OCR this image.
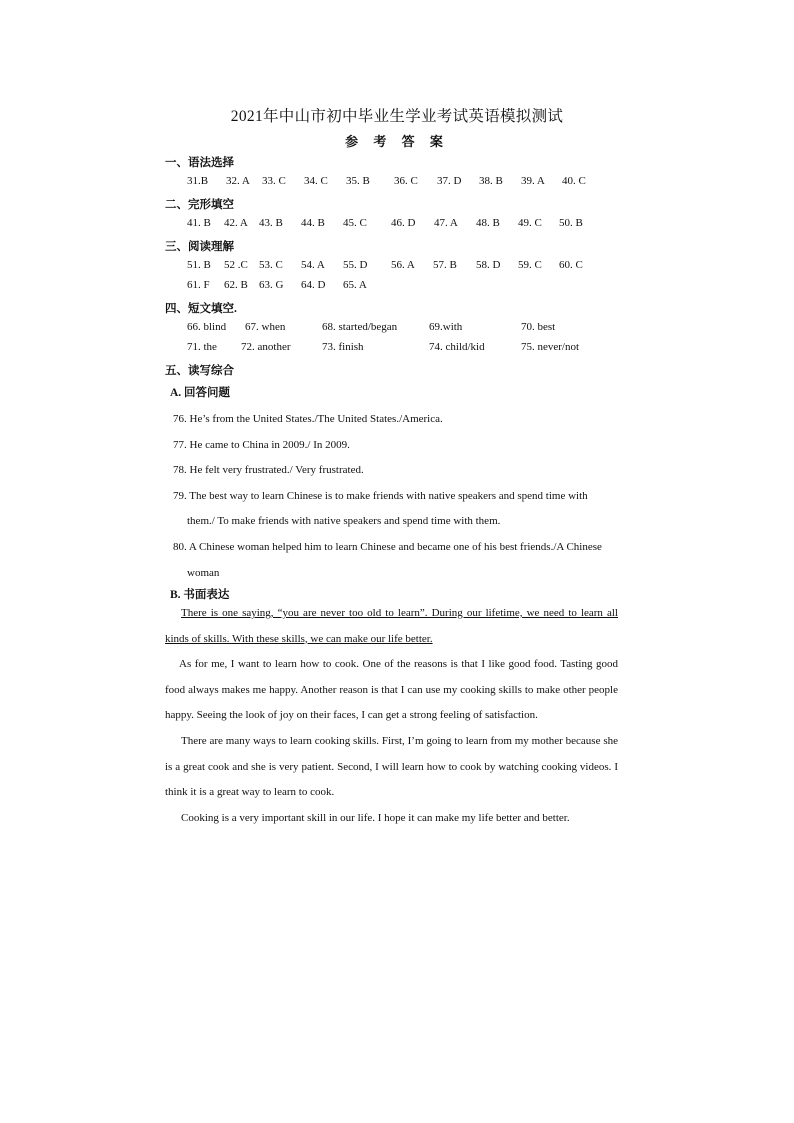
2021年中山市初中毕业生学业考试英语模拟测试
参 考 答 案
一、语法选择
31.B 32. A 33. C 34. C 35. B 36. C 37. D 38. B 39. A 40. C
二、完形填空
41. B 42. A 43. B 44. B 45. C 46. D 47. A 48. B 49. C 50. B
三、阅读理解
51. B 52 .C 53. C 54. A 55. D 56. A 57. B 58. D 59. C 60. C
61. F 62. B 63. G 64. D 65. A
四、短文填空.
66. blind 67. when	68. started/began	69.with	70. best
71. the 72. another	73. finish	74. child/kid	75. never/not
五、读写综合
A. 回答问题
76. He’s from the United States./The United States./America.
77. He came to China in 2009./ In 2009.
78. He felt very frustrated./ Very frustrated.
79. The best way to learn Chinese is to make friends with native speakers and spend time with
them./ To make friends with native speakers and spend time with them.
80. A Chinese woman helped him to learn Chinese and became one of his best friends./A Chinese
woman
B. 书面表达

There is one saying, “you are never too old to learn”. During our lifetime, we need to learn all kinds of skills. With these skills, we can make our life better.

As for me, I want to learn how to cook. One of the reasons is that I like good food. Tasting good food always makes me happy. Another reason is that I can use my cooking skills to make other people happy. Seeing the look of joy on their faces, I can get a strong feeling of satisfaction.

There are many ways to learn cooking skills. First, I’m going to learn from my mother because she is a great cook and she is very patient. Second, I will learn how to cook by watching cooking videos. I think it is a great way to learn to cook.

Cooking is a very important skill in our life. I hope it can make my life better and better.
